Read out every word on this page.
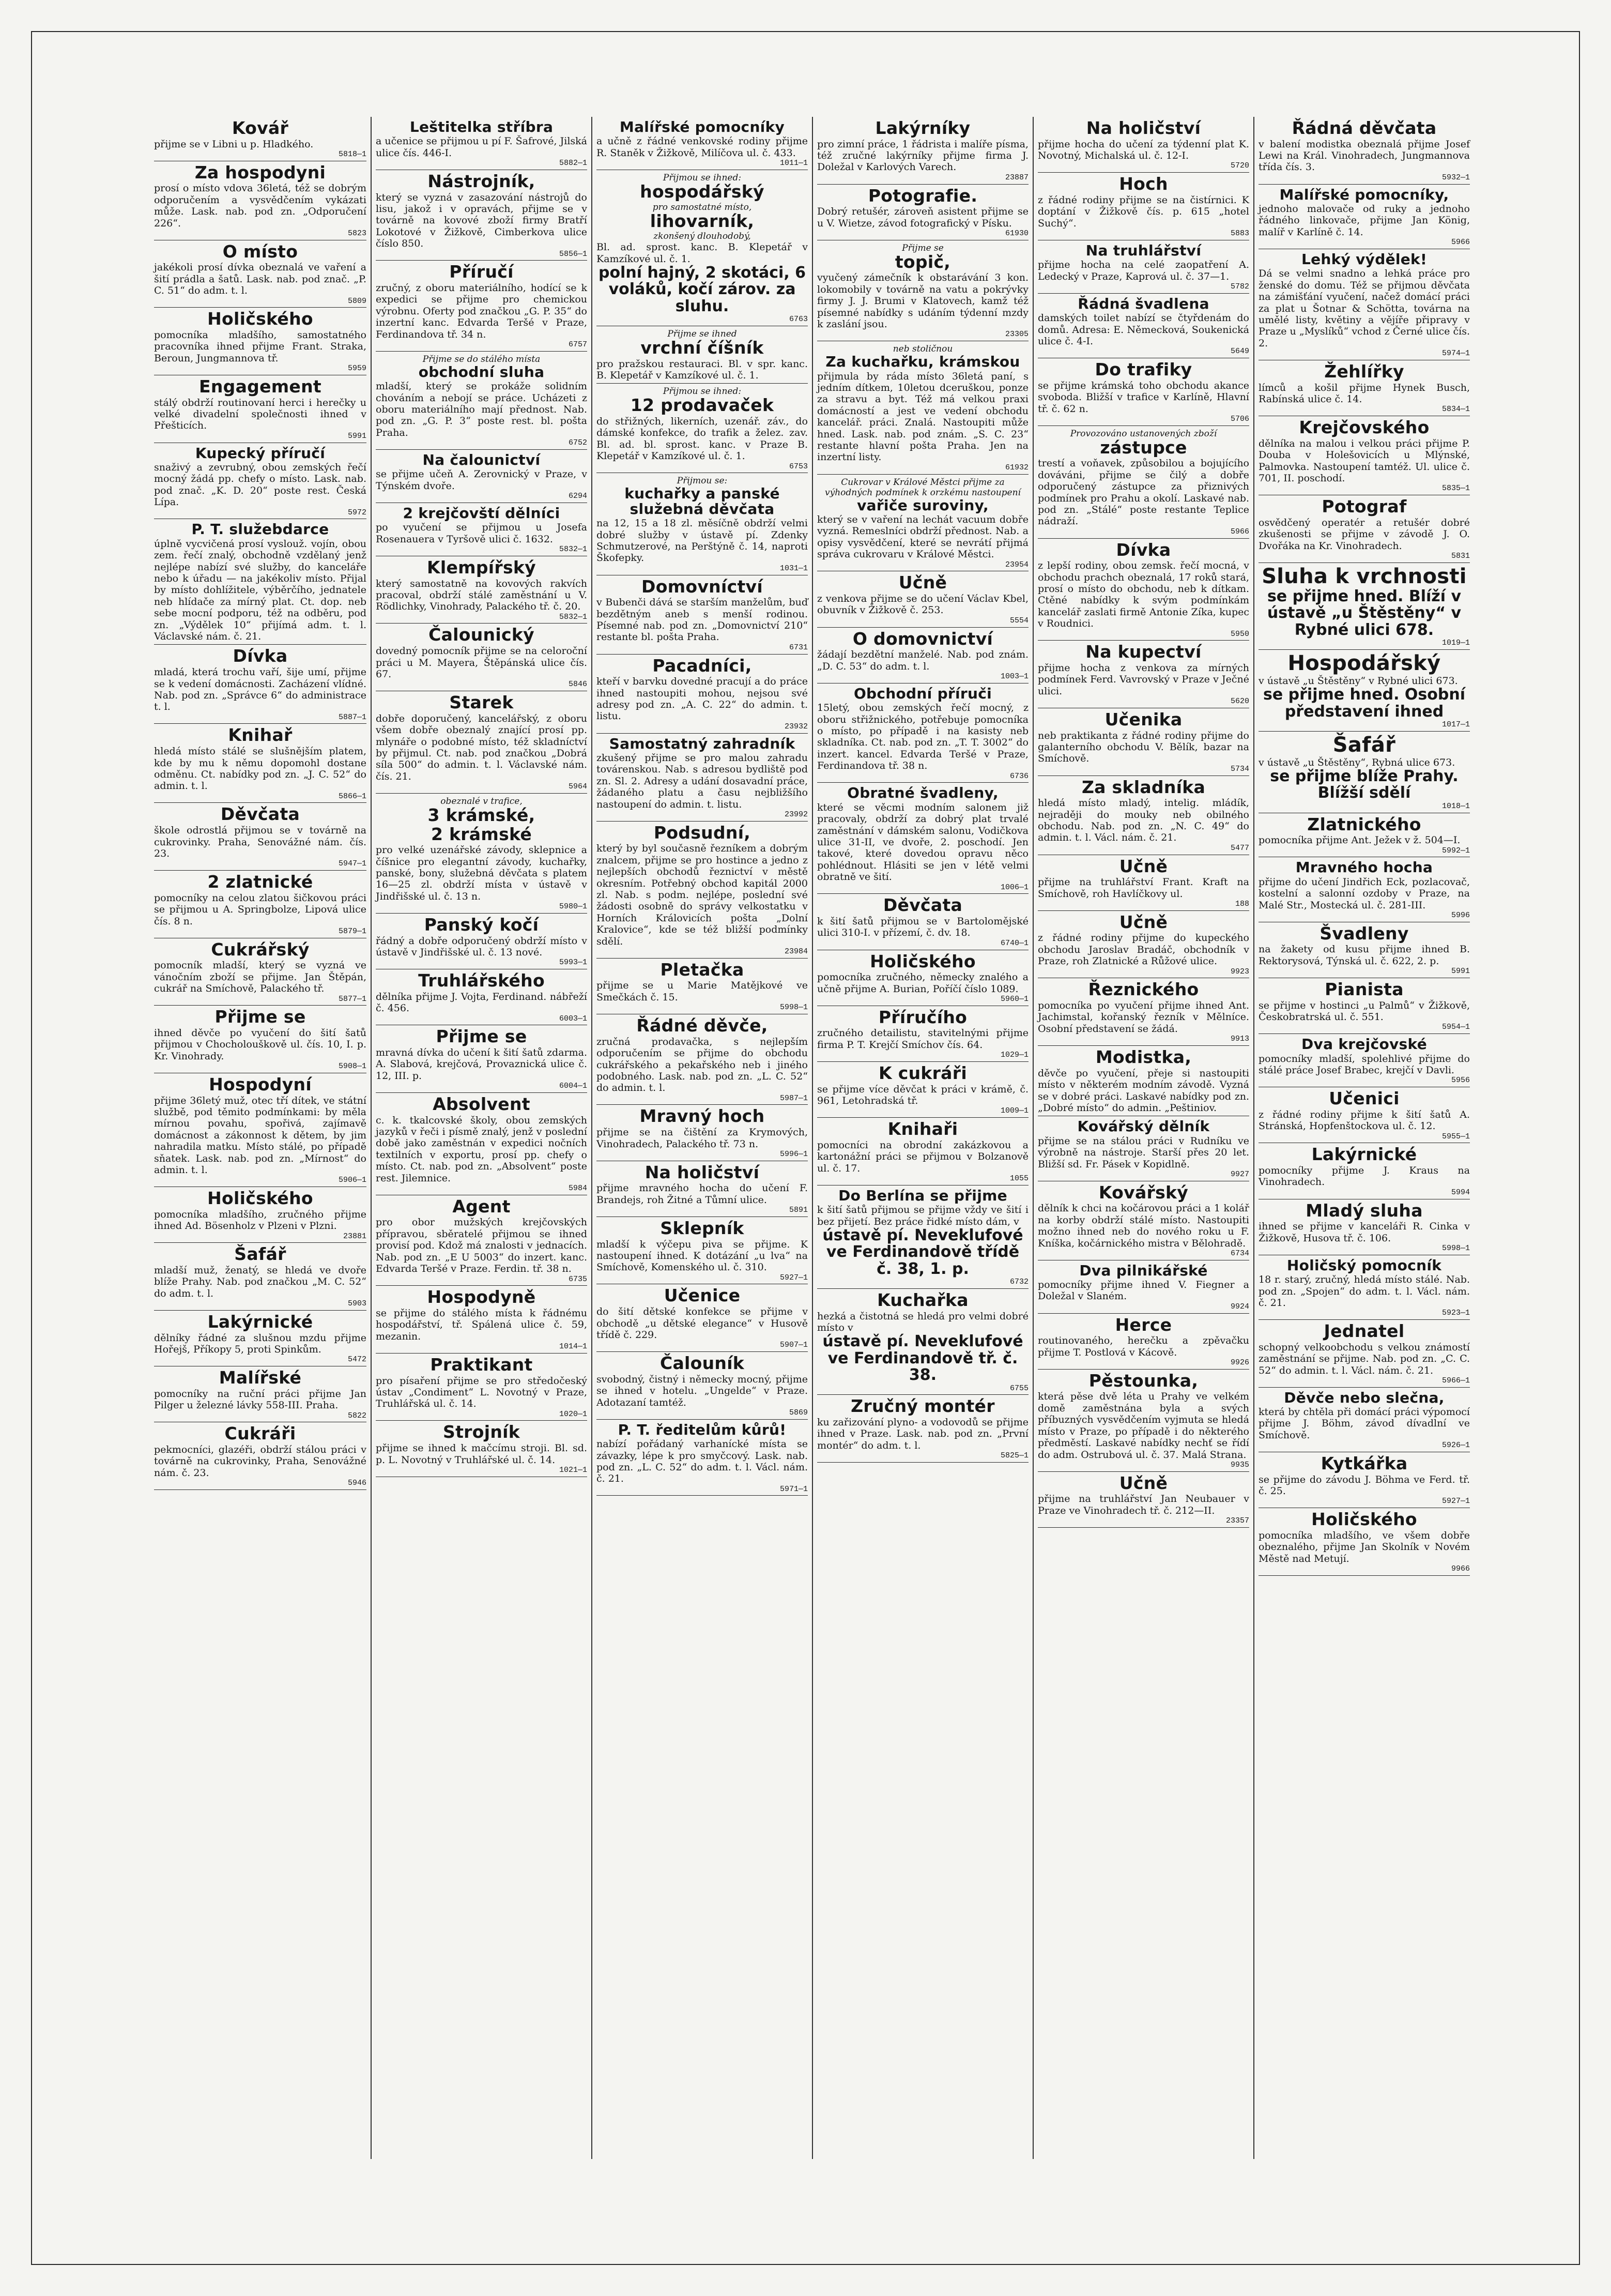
Kovář

přijme se v Libni u p. Hladkého.

5818—1
Za hospodyni

prosí o místo vdova 36letá, též se dobrým odporučením a vysvědčením vykázati může. Lask. nab. pod zn. „Odporučení 226“.

5823
O místo

jakékoli prosí dívka obeznalá ve vaření a šití prádla a šatů. Lask. nab. pod znač. „P. C. 51“ do adm. t. l.

5809
Holičského

pomocníka mladšího, samostatného pracovníka ihned přijme Frant. Straka, Beroun, Jungmannova tř.

5959
Engagement

stálý obdrží routinovaní herci i herečky u velké divadelní společnosti ihned v Přešticích.

5991
Kupecký příručí

snaživý a zevrubný, obou zemských řečí mocný žádá pp. chefy o místo. Lask. nab. pod znač. „K. D. 20“ poste rest. Česká Lípa.

5972
P. T. služebdarce

úplně vycvičená prosí vyslouž. vojín, obou zem. řečí znalý, obchodně vzdělaný jenž nejlépe nabízí své služby, do kanceláře nebo k úřadu — na jakékoliv místo. Přijal by místo dohlížitele, výběrčího, jednatele neb hlídače za mírný plat. Ct. dop. neb sebe mocní podporu, též na odběru, pod zn. „Výdělek 10“ přijímá adm. t. l. Václavské nám. č. 21.

Dívka

mladá, která trochu vaří, šije umí, přijme se k vedení domácnosti. Zacházení vlídné. Nab. pod zn. „Správce 6“ do administrace t. l.

5887—1
Knihař

hledá místo stálé se slušnějším platem, kde by mu k němu dopomohl dostane odměnu. Ct. nabídky pod zn. „J. C. 52“ do admin. t. l.

5866—1
Děvčata

škole odrostlá přijmou se v továrně na cukrovinky. Praha, Senovážné nám. čís. 23.

5947—1
2 zlatnické

pomocníky na celou zlatou šičkovou práci se přijmou u A. Springbolze, Lipová ulice čís. 8 n.

5879—1
Cukrářský

pomocník mladší, který se vyzná ve vánočním zboží se přijme. Jan Štěpán, cukrář na Smíchově, Palackého tř.

5877—1
Přijme se

ihned děvče po vyučení do šití šatů přijmou v Chocholouškově ul. čís. 10, I. p. Kr. Vinohrady.

5908—1
Hospodyní

přijme 36letý muž, otec tří dítek, ve státní službě, pod těmito podmínkami: by měla mírnou povahu, spořivá, zajímavě domácnost a zákonnost k dětem, by jim nahradila matku. Místo stálé, po případě sňatek. Lask. nab. pod zn. „Mírnost“ do admin. t. l.

5906—1
Holičského

pomocníka mladšího, zručného přijme ihned Ad. Bösenholz v Plzeni v Plzni.

23881
Šafář

mladší muž, ženatý, se hledá ve dvoře blíže Prahy. Nab. pod značkou „M. C. 52“ do adm. t. l.

5903
Lakýrnické

dělníky řádné za slušnou mzdu přijme Hořejš, Příkopy 5, proti Spinkům.

5472
Malířské

pomocníky na ruční práci přijme Jan Pilger u železné lávky 558-III. Praha.

5822
Cukráři

pekmocníci, glazéři, obdrží stálou práci v továrně na cukrovinky, Praha, Senovážné nám. č. 23.

5946
Leštitelka stříbra

a učenice se přijmou u pí F. Šafrové, Jilská ulice čís. 446-I.

5882—1
Nástrojník,

který se vyzná v zasazování nástrojů do lisu, jakož i v opravách, přijme se v továrně na kovové zboží firmy Bratří Lokotové v Žižkově, Cimberkova ulice číslo 850.

5856—1
Příručí

zručný, z oboru materiálního, hodící se k expedici se přijme pro chemickou výrobnu. Oferty pod značkou „G. P. 35“ do inzertní kanc. Edvarda Teršé v Praze, Ferdinandova tř. 34 n.

6757
Přijme se do stálého místa
obchodní sluha

mladší, který se prokáže solidním chováním a nebojí se práce. Ucházeti z oboru materiálního mají přednost. Nab. pod zn. „G. P. 3“ poste rest. bl. pošta Praha.

6752
Na čalounictví

se přijme učeň A. Zerovnický v Praze, v Týnském dvoře.

6294
2 krejčovští dělníci

po vyučení se přijmou u Josefa Rosenauera v Tyršově ulici č. 1632.

5832—1
Klempířský

který samostatně na kovových rakvích pracoval, obdrží stálé zaměstnání u V. Rödlichky, Vinohrady, Palackého tř. č. 20.

5832—1
Čalounický

dovedný pomocník přijme se na celoroční práci u M. Mayera, Štěpánská ulice čís. 67.

5846
Starek

dobře doporučený, kancelářský, z oboru všem dobře obeznalý znající prosí pp. mlynáře o podobné místo, též skladníctví by přijmul. Ct. nab. pod značkou „Dobrá síla 500“ do admin. t. l. Václavské nám. čís. 21.

5964
obeznalé v trafice,
3 krámské,
2 krámské

pro velké uzenářské závody, sklepnice a číšnice pro elegantní závody, kuchařky, panské, bony, služebná děvčata s platem 16—25 zl. obdrží místa v ústavě v Jindřišské ul. č. 13 n.

5980—1
Panský kočí

řádný a dobře odporučený obdrží místo v ústavě v Jindřišské ul. č. 13 nové.

5993—1
Truhlářského

dělníka přijme J. Vojta, Ferdinand. nábřeží č. 456.

6003—1
Přijme se

mravná dívka do učení k šití šatů zdarma. A. Slabová, krejčová, Provaznická ulice č. 12, III. p.

6004—1
Absolvent

c. k. tkalcovské školy, obou zemských jazyků v řeči i písmě znalý, jenž v poslední době jako zaměstnán v expedici nočních textilních v exportu, prosí pp. chefy o místo. Ct. nab. pod zn. „Absolvent“ poste rest. Jilemnice.

5984
Agent

pro obor mužských krejčovských přípravou, sběratelé přijmou se ihned provisí pod. Kdož má znalosti v jednacích. Nab. pod zn. „E U 5003“ do inzert. kanc. Edvarda Teršé v Praze. Ferdin. tř. 38 n.

6735
Hospodyně

se přijme do stálého místa k řádnému hospodářství, tř. Spálená ulice č. 59, mezanin.

1014—1
Praktikant

pro písaření přijme se pro středočeský ústav „Condiment“ L. Novotný v Praze, Truhlářská ul. č. 14.

1020—1
Strojník

přijme se ihned k mačcímu stroji. Bl. sd. p. L. Novotný v Truhlářské ul. č. 14.

1021—1
Malířské pomocníky

a učně z řádné venkovské rodiny přijme R. Staněk v Žižkově, Milíčova ul. č. 433.

1011—1
Přijmou se ihned:
hospodářský
pro samostatné místo,
lihovarník,
zkonšený dlouhodobý,

Bl. ad. sprost. kanc. B. Klepetář v Kamzíkové ul. č. 1.

polní hajný, 2 skotáci, 6 voláků, kočí zárov. za sluhu.
6763
Přijme se ihned
vrchní číšník

pro pražskou restauraci. Bl. v spr. kanc. B. Klepetář v Kamzíkové ul. č. 1.

Přijmou se ihned:
12 prodavaček

do střižných, likerních, uzenář. záv., do dámské konfekce, do trafik a želez. zav. Bl. ad. bl. sprost. kanc. v Praze B. Klepetář v Kamzíkové ul. č. 1.

6753
Přijmou se:
kuchařky a panské služebná děvčata

na 12, 15 a 18 zl. měsíčně obdrží velmi dobré služby v ústavě pí. Zdenky Schmutzerové, na Perštýně č. 14, naproti Škofepky.

1031—1
Domovníctví

v Bubenči dává se starším manželům, buď bezdětným aneb s menší rodinou. Písemné nab. pod zn. „Domovnictví 210“ restante bl. pošta Praha.

6731
Pacadníci,

kteří v barvku dovedné pracují a do práce ihned nastoupiti mohou, nejsou své adresy pod zn. „A. C. 22“ do admin. t. listu.

23932
Samostatný zahradník

zkušený přijme se pro malou zahradu továrenskou. Nab. s adresou bydliště pod zn. Sl. 2. Adresy a udání dosavadní práce, žádaného platu a času nejbližšího nastoupení do admin. t. listu.

23992
Podsudní,

který by byl současně řezníkem a dobrým znalcem, přijme se pro hostince a jedno z nejlepších obchodů řeznictví v městě okresním. Potřebný obchod kapitál 2000 zl. Nab. s podm. nejlépe, poslední své žádosti osobně do správy velkostatku v Horních Královicích pošta „Dolní Kralovice“, kde se též bližší podmínky sdělí.

23984
Pletačka

přijme se u Marie Matějkové ve Smečkách č. 15.

5998—1
Řádné děvče,

zručná prodavačka, s nejlepším odporučením se přijme do obchodu cukrářského a pekařského neb i jiného podobného. Lask. nab. pod zn. „L. C. 52“ do admin. t. l.

5987—1
Mravný hoch

přijme se na čištění za Krymových, Vinohradech, Palackého tř. 73 n.

5996—1
Na holičství

přijme mravného hocha do učení F. Brandejs, roh Žitné a Tůmní ulice.

5891
Sklepník

mladší k výčepu piva se přijme. K nastoupení ihned. K dotázání „u lva“ na Smíchově, Komenského ul. č. 310.

5927—1
Učenice

do šití dětské konfekce se přijme v obchodě „u dětské elegance“ v Husově třídě č. 229.

5907—1
Čalouník

svobodný, čistný i německy mocný, přijme se ihned v hotelu. „Ungelde“ v Praze. Adotazaní tamtéž.

5869
P. T. ředitelům kůrů!

nabízí pořádaný varhanícké místa se závazky, lépe k pro smyčcový. Lask. nab. pod zn. „L. C. 52“ do adm. t. l. Václ. nám. č. 21.

5971—1
Lakýrníky

pro zimní práce, 1 řádrista i malíře písma, též zručné lakýrníky přijme firma J. Doležal v Karlových Varech.

23887
Potografie.

Dobrý retušér, zároveň asistent přijme se u V. Wietze, závod fotografický v Písku.

61930
Přijme se
topič,

vyučený zámečník k obstarávání 3 kon. lokomobily v továrně na vatu a pokrývky firmy J. J. Brumi v Klatovech, kamž též písemné nabídky s udáním týdenní mzdy k zaslání jsou.

23305
neb stoličnou
Za kuchařku, krámskou

přijmula by ráda místo 36letá paní, s jedním dítkem, 10letou dceruškou, ponze za stravu a byt. Též má velkou praxi domácností a jest ve vedení obchodu kancelář. práci. Znalá. Nastoupiti může hned. Lask. nab. pod znám. „S. C. 23“ restante hlavní pošta Praha. Jen na inzertní listy.

61932
Cukrovar v Králové Městci přijme za výhodných podmínek k orzkému nastoupení
vařiče suroviny,

který se v vaření na lechát vacuum dobře vyzná. Remeslníci obdrží přednost. Nab. a opisy vysvědčení, které se nevrátí přijmá správa cukrovaru v Králové Městci.

23954
Učně

z venkova přijme se do učení Václav Kbel, obuvník v Žižkově č. 253.

5554
O domovnictví

žádají bezdětní manželé. Nab. pod znám. „D. C. 53“ do adm. t. l.

1003—1
Obchodní příruči

15letý, obou zemských řečí mocný, z oboru střižnického, potřebuje pomocníka o místo, po případě i na kasisty neb skladníka. Ct. nab. pod zn. „T. T. 3002“ do inzert. kancel. Edvarda Teršé v Praze, Ferdinandova tř. 38 n.

6736
Obratné švadleny,

které se věcmi modním salonem již pracovaly, obdrží za dobrý plat trvalé zaměstnání v dámském salonu, Vodičkova ulice 31-II, ve dvoře, 2. poschodí. Jen takové, které dovedou opravu něco pohlédnout. Hlásiti se jen v létě velmi obratně ve šití.

1006—1
Děvčata

k šití šatů přijmou se v Bartolomějské ulici 310-I. v přízemí, č. dv. 18.

6740—1
Holičského

pomocníka zručného, německy znalého a učně přijme A. Burian, Poříčí číslo 1089.

5960—1
Příručího

zručného detailistu, stavitelnými přijme firma P. T. Krejčí Smíchov čís. 64.

1029—1
K cukráři

se přijme více děvčat k práci v krámě, č. 961, Letohradská tř.

1009—1
Knihaři

pomocníci na obrodní zakázkovou a kartonážní práci se přijmou v Bolzanově ul. č. 17.

1055
Do Berlína se přijme

k šití šatů přijmou se přijme vždy ve šití i bez přijetí. Bez práce řidké místo dám, v

ústavě pí. Neveklufové ve Ferdinandově třídě č. 38, 1. p.
6732
Kuchařka

hezká a čistotná se hledá pro velmi dobré místo v

ústavě pí. Neveklufové ve Ferdinandově tř. č. 38.
6755
Zručný montér

ku zařizování plyno- a vodovodů se přijme ihned v Praze. Lask. nab. pod zn. „První montér“ do adm. t. l.

5825—1
Na holičství

přijme hocha do učení za týdenní plat K. Novotný, Michalská ul. č. 12-I.

5720
Hoch

z řádné rodiny přijme se na čistírnici. K doptání v Žižkově čís. p. 615 „hotel Suchý“.

5883
Na truhlářství

přijme hocha na celé zaopatření A. Ledecký v Praze, Kaprová ul. č. 37—1.

5782
Řádná švadlena

damských toilet nabízí se čtyřdenám do domů. Adresa: E. Německová, Soukenická ulice č. 4-I.

5649
Do trafiky

se přijme krámská toho obchodu akance svoboda. Bližší v trafice v Karlíně, Hlavní tř. č. 62 n.

5706
Provozováno ustanovených zboží
zástupce

trestí a voňavek, způsobilou a bojujícího dováváni, přijme se čilý a dobře odporučený zástupce za přiznivých podmínek pro Prahu a okolí. Laskavé nab. pod zn. „Stálé“ poste restante Teplice nádraží.

5966
Dívka

z lepší rodiny, obou zemsk. řečí mocná, v obchodu prachch obeznalá, 17 roků stará, prosí o místo do obchodu, neb k dítkam. Ctěné nabídky k svým podmínkám kancelář zaslati firmě Antonie Zíka, kupec v Roudnici.

5950
Na kupectví

přijme hocha z venkova za mírných podmínek Ferd. Vavrovský v Praze v Ječné ulici.

5620
Učenika

neb praktikanta z řádné rodiny přijme do galanterního obchodu V. Bělík, bazar na Smíchově.

5734
Za skladníka

hledá místo mladý, intelig. mládík, nejraději do mouky neb obilného obchodu. Nab. pod zn. „N. C. 49“ do admin. t. l. Václ. nám. č. 21.

5477
Učně

přijme na truhlářství Frant. Kraft na Smíchově, roh Havlíčkovy ul.

188
Učně

z řádné rodiny přijme do kupeckého obchodu Jaroslav Bradáč, obchodník v Praze, roh Zlatnické a Růžové ulice.

9923
Řeznického

pomocníka po vyučení přijme ihned Ant. Jachimstal, kořanský řezník v Mělníce. Osobní představení se žádá.

9913
Modistka,

děvče po vyučení, přeje si nastoupiti místo v některém modním závodě. Vyzná se v dobré práci. Laskavé nabídky pod zn. „Dobré místo“ do admin. „Peštiniov.

Kovářský dělník

přijme se na stálou práci v Rudníku ve výrobně na nástroje. Starší přes 20 let. Bližší sd. Fr. Pásek v Kopidlně.

9927
Kovářský

dělník k chci na kočárovou práci a 1 kolář na korby obdrží stálé místo. Nastoupiti možno ihned neb do nového roku u F. Kníška, kočárnického mistra v Bělohradě.

6734
Dva pilnikářské

pomocníky přijme ihned V. Fiegner a Doležal v Slaném.

9924
Herce

routinovaného, herečku a zpěvačku přijme T. Postlová v Kácově.

9926
Pěstounka,

která pěse dvě léta u Prahy ve velkém domě zaměstnána byla a svých příbuzných vysvědčením vyjmuta se hledá místo v Praze, po případě i do některého předměstí. Laskavé nabídky nechť se řídí do adm. Ostrubová ul. č. 37. Malá Strana.

9935
Učně

přijme na truhlářství Jan Neubauer v Praze ve Vinohradech tř. č. 212—II.

23357
Řádná děvčata

v balení modistka obeznalá přijme Josef Lewi na Král. Vinohradech, Jungmannova třída čís. 3.

5932—1
Malířské pomocníky,

jednoho malovače od ruky a jednoho řádného linkovače, přijme Jan König, malíř v Karlíně č. 14.

5966
Lehký výdělek!

Dá se velmi snadno a lehká práce pro ženské do domu. Též se přijmou děvčata na zámišťání vyučení, načež domácí práci za plat u Šotnar & Schötta, továrna na umělé listy, květiny a vějíře připravy v Praze u „Myslíků“ vchod z Černé ulice čís. 2.

5974—1
Žehlířky

límců a košil přijme Hynek Busch, Rabínská ulice č. 14.

5834—1
Krejčovského

dělníka na malou i velkou práci přijme P. Douba v Holešovicích u Mlýnské, Palmovka. Nastoupení tamtéž. Ul. ulice č. 701, II. poschodí.

5835—1
Potograf

osvědčený operatér a retušér dobré zkušenosti se přijme v závodě J. O. Dvořáka na Kr. Vinohradech.

5831
Sluha k vrchnosti
se přijme hned. Blíží v ústavě „u Štěstěny“ v Rybné ulici 678.
1019—1
Hospodářský

v ústavě „u Štěstěny“ v Rybné ulici 673.

se přijme hned. Osobní představení ihned
1017—1
Šafář

v ústavě „u Štěstěny“, Rybná ulice 673.

se přijme blíže Prahy. Blížší sdělí
1018—1
Zlatnického

pomocníka přijme Ant. Ježek v ž. 504—I.

5992—1
Mravného hocha

přijme do učení Jindřich Eck, pozlacovač, kostelní a salonní ozdoby v Praze, na Malé Str., Mostecká ul. č. 281-III.

5996
Švadleny

na žakety od kusu přijme ihned B. Rektorysová, Týnská ul. č. 622, 2. p.

5991
Pianista

se přijme v hostinci „u Palmů“ v Žižkově, Českobratrská ul. č. 551.

5954—1
Dva krejčovské

pomocníky mladší, spolehlivé přijme do stálé práce Josef Brabec, krejčí v Davli.

5956
Učenici

z řádné rodiny přijme k šití šatů A. Stránská, Hopfenštockova ul. č. 12.

5955—1
Lakýrnické

pomocníky přijme J. Kraus na Vinohradech.

5994
Mladý sluha

ihned se přijme v kanceláři R. Cinka v Žižkově, Husova tř. č. 106.

5998—1
Holičský pomocník

18 r. starý, zručný, hledá místo stálé. Nab. pod zn. „Spojen“ do adm. t. l. Václ. nám. č. 21.

5923—1
Jednatel

schopný velkoobchodu s velkou známostí zaměstnání se přijme. Nab. pod zn. „C. C. 52“ do admin. t. l. Václ. nám. č. 21.

5966—1
Děvče nebo slečna,

která by chtěla při domácí práci výpomocí přijme J. Böhm, závod dívadlní ve Smíchově.

5926—1
Kytkářka

se přijme do závodu J. Böhma ve Ferd. tř. č. 25.

5927—1
Holičského

pomocníka mladšího, ve všem dobře obeznalého, přijme Jan Skolník v Novém Městě nad Metují.

9966
